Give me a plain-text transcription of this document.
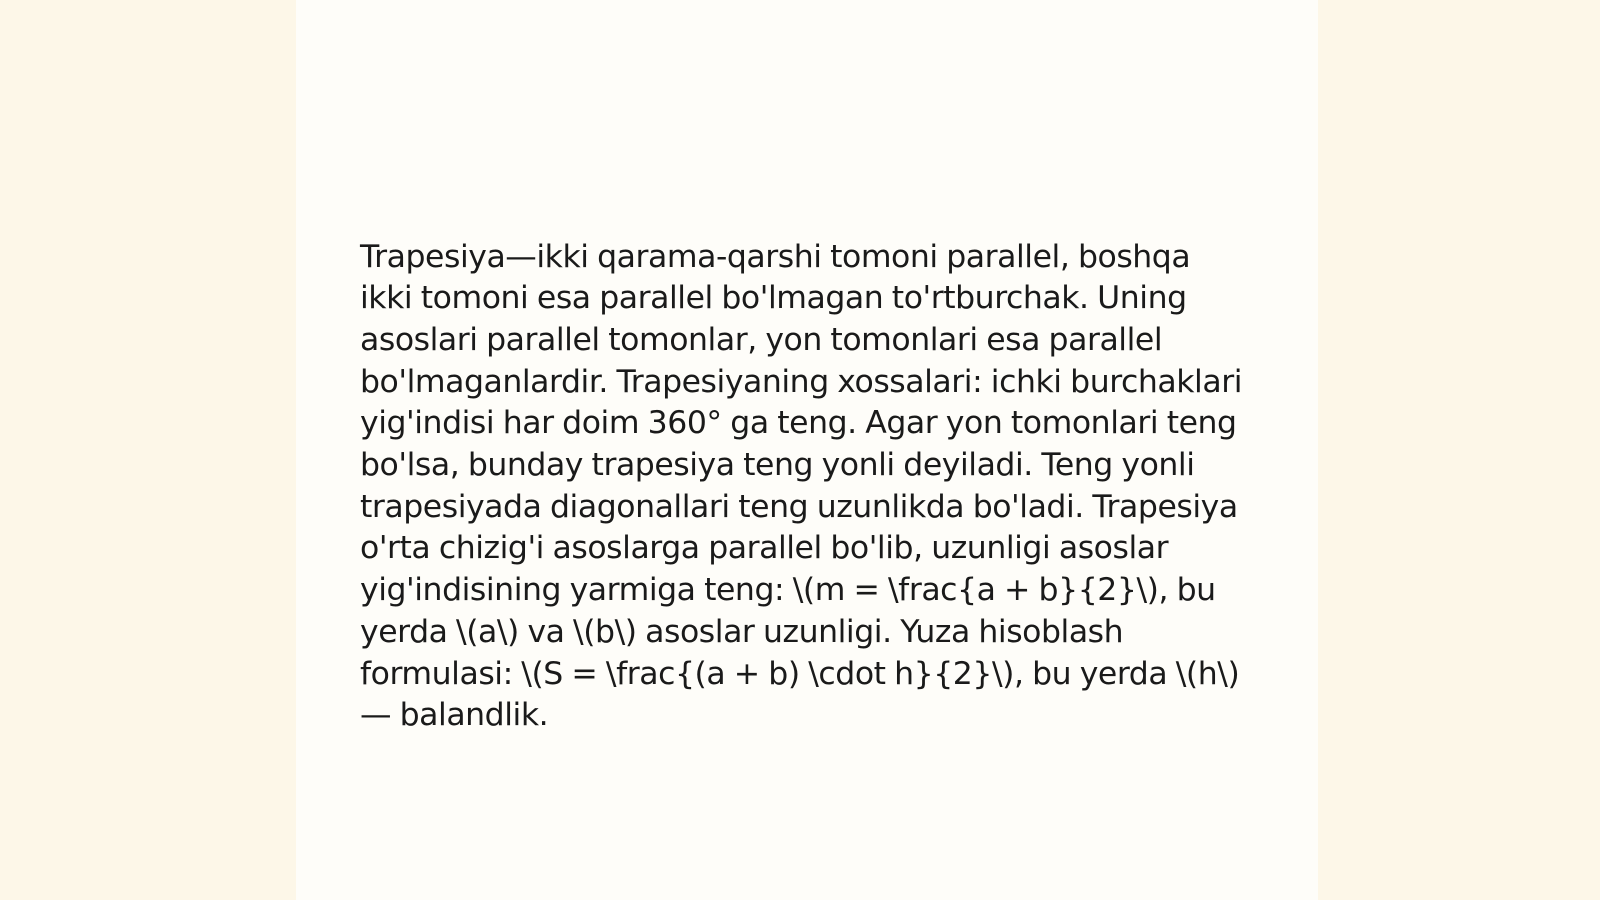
Trapesiya—ikki qarama-qarshi tomoni parallel, boshqa ikki tomoni esa parallel bo'lmagan to'rtburchak. Uning asoslari parallel tomonlar, yon tomonlari esa parallel bo'lmaganlardir. Trapesiyaning xossalari: ichki burchaklari yig'indisi har doim 360° ga teng. Agar yon tomonlari teng bo'lsa, bunday trapesiya teng yonli deyiladi. Teng yonli trapesiyada diagonallari teng uzunlikda bo'ladi. Trapesiya o'rta chizig'i asoslarga parallel bo'lib, uzunligi asoslar yig'indisining yarmiga teng: \(m = \frac{a + b}{2}\), bu yerda \(a\) va \(b\) asoslar uzunligi. Yuza hisoblash formulasi: \(S = \frac{(a + b) \cdot h}{2}\), bu yerda \(h\) — balandlik.
